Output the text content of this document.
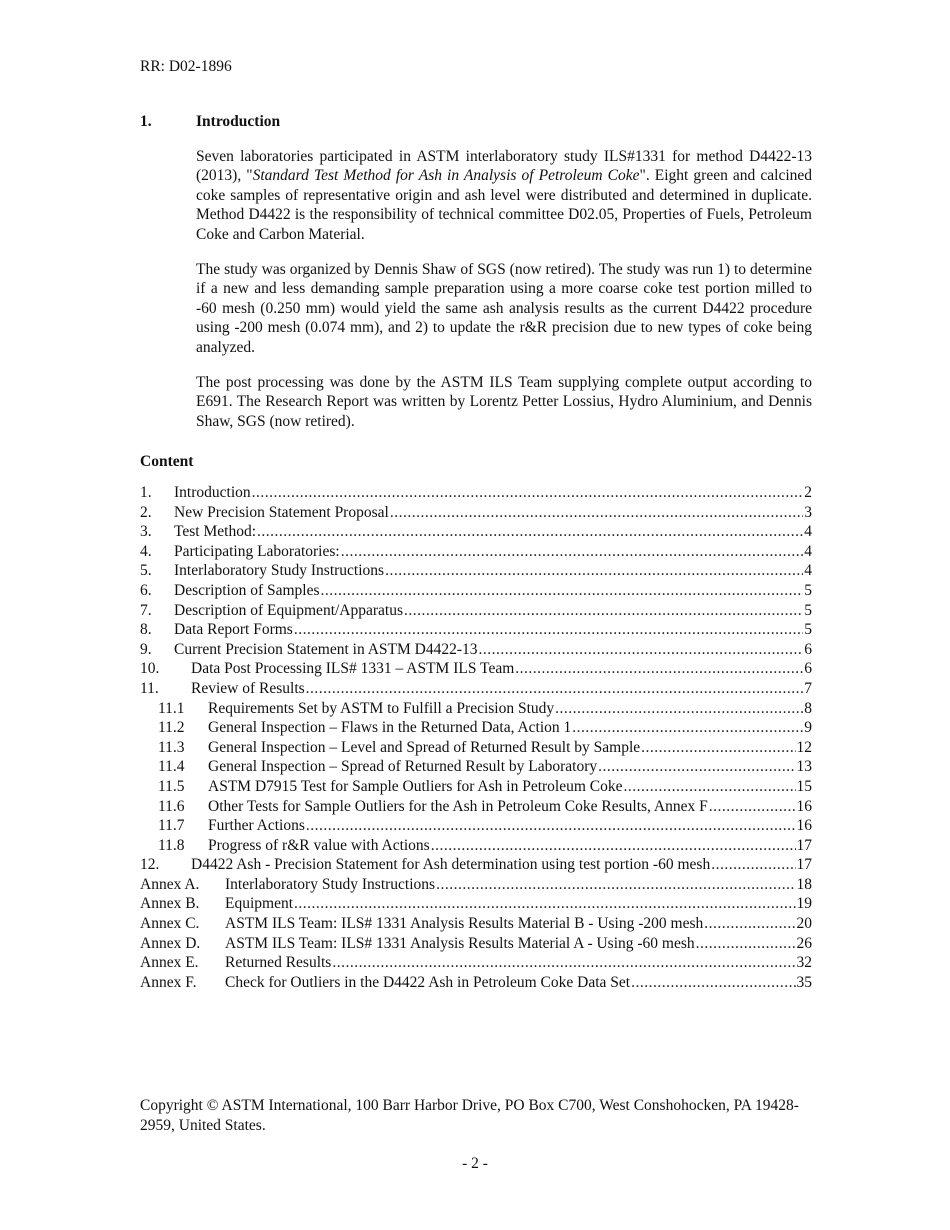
RR: D02-1896
1.	Introduction

Seven laboratories participated in ASTM interlaboratory study ILS#1331 for method D4422-13 (2013), "Standard Test Method for Ash in Analysis of Petroleum Coke". Eight green and calcined coke samples of representative origin and ash level were distributed and determined in duplicate. Method D4422 is the responsibility of technical committee D02.05, Properties of Fuels, Petroleum Coke and Carbon Material.

The study was organized by Dennis Shaw of SGS (now retired). The study was run 1) to determine if a new and less demanding sample preparation using a more coarse coke test portion milled to -60 mesh (0.250 mm) would yield the same ash analysis results as the current D4422 procedure using -200 mesh (0.074 mm), and 2) to update the r&R precision due to new types of coke being analyzed.

The post processing was done by the ASTM ILS Team supplying complete output according to E691. The Research Report was written by Lorentz Petter Lossius, Hydro Aluminium, and Dennis Shaw, SGS (now retired).

Content
1.	Introduction .....	2
2.	New Precision Statement Proposal .....	3
3.	Test Method: .....	4
4.	Participating Laboratories: .....	4
5.	Interlaboratory Study Instructions .....	4
6.	Description of Samples .....	5
7.	Description of Equipment/Apparatus .....	5
8.	Data Report Forms .....	5
9.	Current Precision Statement in ASTM D4422-13 .....	6
10.	Data Post Processing ILS# 1331 – ASTM ILS Team .....	6
11.	Review of Results .....	7
11.1	Requirements Set by ASTM to Fulfill a Precision Study .....	8
11.2	General Inspection – Flaws in the Returned Data, Action 1 .....	9
11.3	General Inspection – Level and Spread of Returned Result by Sample .....	12
11.4	General Inspection – Spread of Returned Result by Laboratory .....	13
11.5	ASTM D7915 Test for Sample Outliers for Ash in Petroleum Coke .....	15
11.6	Other Tests for Sample Outliers for the Ash in Petroleum Coke Results, Annex F .....	16
11.7	Further Actions .....	16
11.8	Progress of r&R value with Actions .....	17
12.	D4422 Ash - Precision Statement for Ash determination using test portion -60 mesh .....	17
Annex A.	Interlaboratory Study Instructions .....	18
Annex B.	Equipment .....	19
Annex C.	ASTM ILS Team: ILS# 1331 Analysis Results Material B - Using -200 mesh .....	20
Annex D.	ASTM ILS Team: ILS# 1331 Analysis Results Material A - Using -60 mesh .....	26
Annex E.	Returned Results .....	32
Annex F.	Check for Outliers in the D4422 Ash in Petroleum Coke Data Set .....	35
Copyright © ASTM International, 100 Barr Harbor Drive, PO Box C700, West Conshohocken, PA 19428-2959, United States.
- 2 -
